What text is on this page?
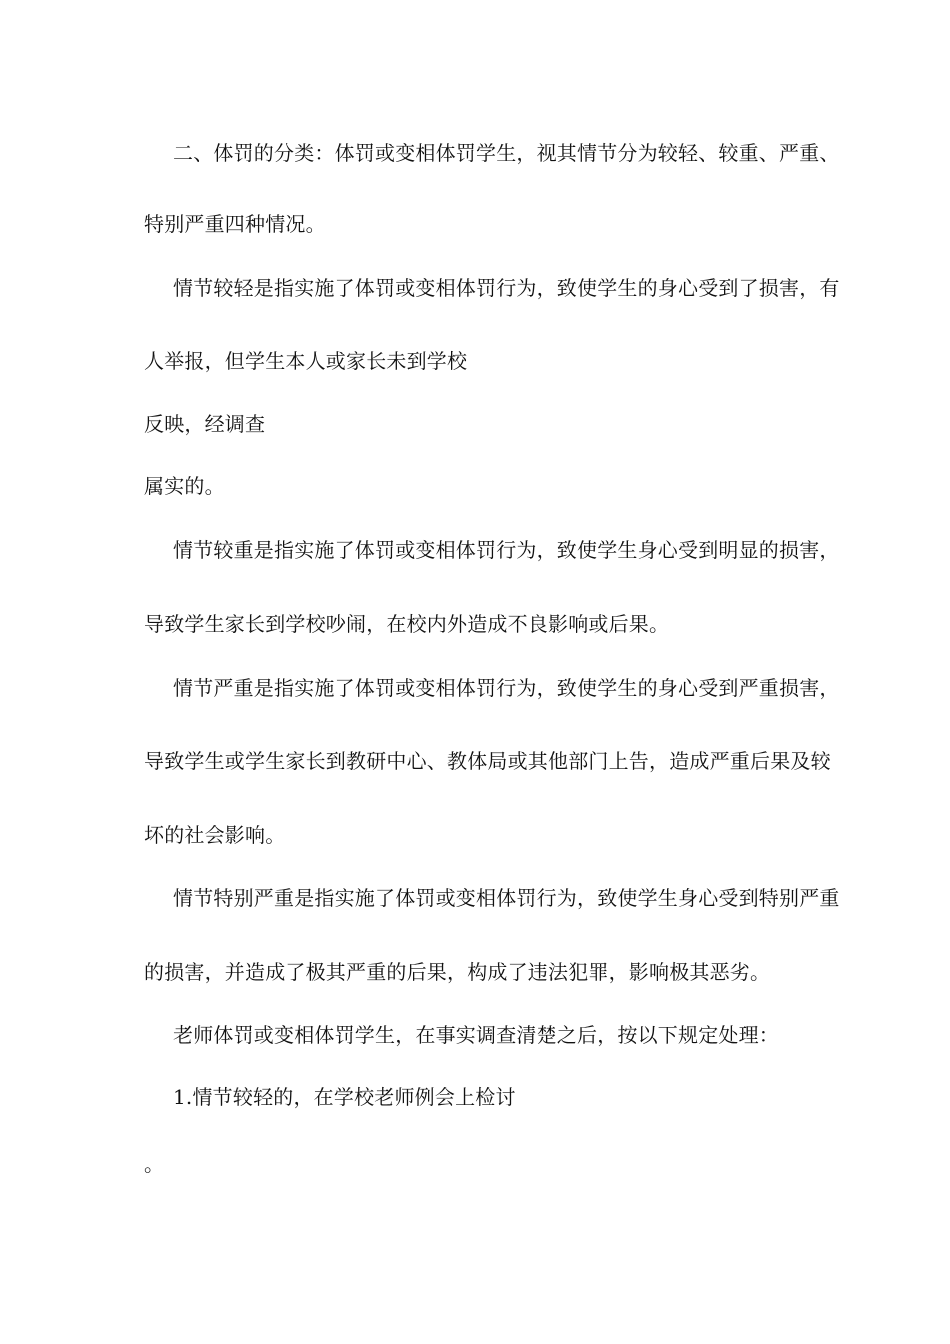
二、体罚的分类：体罚或变相体罚学生，视其情节分为较轻、较重、严重、

特别严重四种情况。

情节较轻是指实施了体罚或变相体罚行为，致使学生的身心受到了损害，有

人举报，但学生本人或家长未到学校

反映，经调查

属实的。

情节较重是指实施了体罚或变相体罚行为，致使学生身心受到明显的损害，

导致学生家长到学校吵闹，在校内外造成不良影响或后果。

情节严重是指实施了体罚或变相体罚行为，致使学生的身心受到严重损害，

导致学生或学生家长到教研中心、教体局或其他部门上告，造成严重后果及较

坏的社会影响。

情节特别严重是指实施了体罚或变相体罚行为，致使学生身心受到特别严重

的损害，并造成了极其严重的后果，构成了违法犯罪，影响极其恶劣。

老师体罚或变相体罚学生，在事实调查清楚之后，按以下规定处理：

1.情节较轻的，在学校老师例会上检讨

。
